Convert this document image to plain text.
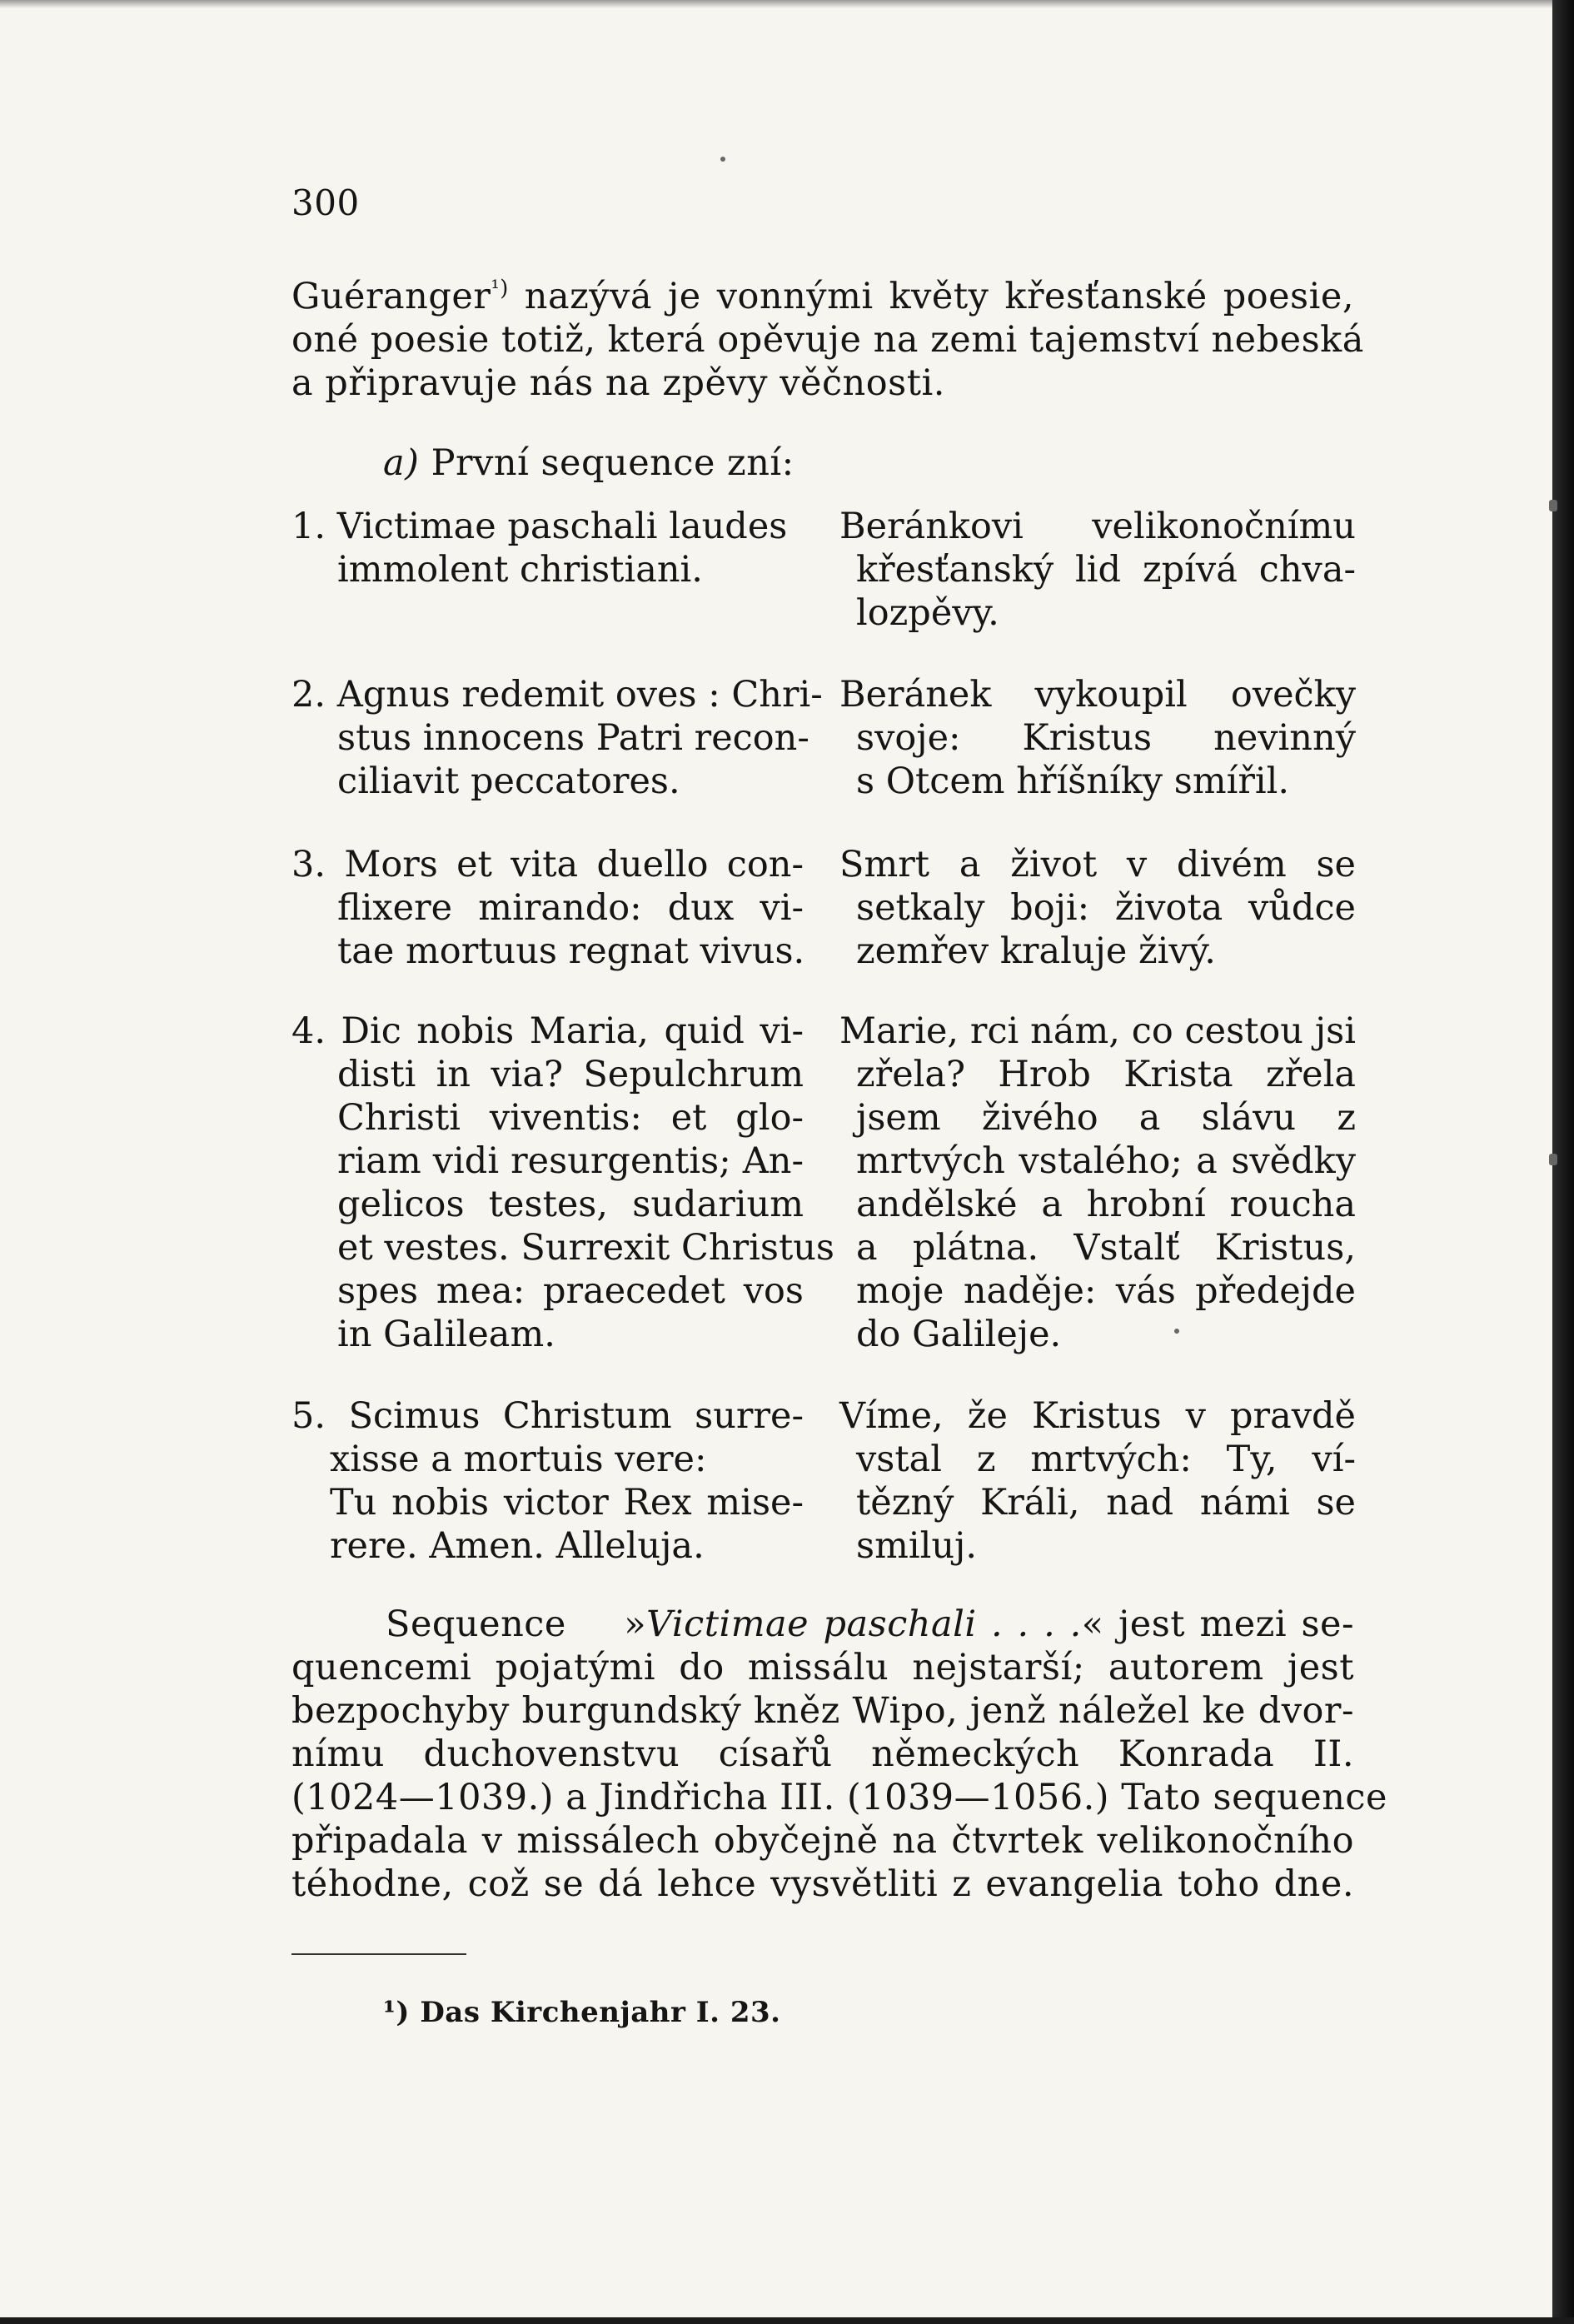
300
Guéranger$^{^1)}$ nazývá je vonnými květy křesťanské poesie,
oné poesie totiž, která opěvuje na zemi tajemství nebeská
a připravuje nás na zpěvy věčnosti.
a) První sequence zní:
1. Victimae paschali laudes
immolent christiani.
Beránkovi velikonočnímu
křesťanský lid zpívá chva-
lozpěvy.
2. Agnus redemit oves : Chri-
stus innocens Patri recon-
ciliavit peccatores.
Beránek vykoupil ovečky
svoje: Kristus nevinný
s Otcem hříšníky smířil.
3. Mors et vita duello con-
flixere mirando: dux vi-
tae mortuus regnat vivus.
Smrt a život v divém se
setkaly boji: života vůdce
zemřev kraluje živý.
4. Dic nobis Maria, quid vi-
disti in via? Sepulchrum
Christi viventis: et glo-
riam vidi resurgentis; An-
gelicos testes, sudarium
et vestes. Surrexit Christus
spes mea: praecedet vos
in Galileam.
Marie, rci nám, co cestou jsi
zřela? Hrob Krista zřela
jsem živého a slávu z
mrtvých vstalého; a svědky
andělské a hrobní roucha
a plátna. Vstalť Kristus,
moje naděje: vás předejde
do Galileje.
5. Scimus Christum surre-
xisse a mortuis vere:
Tu nobis victor Rex mise-
rere. Amen. Alleluja.
Víme, že Kristus v pravdě
vstal z mrtvých: Ty, ví-
tězný Králi, nad námi se
smiluj.
Sequence »Victimae paschali . . . .« jest mezi se-
quencemi pojatými do missálu nejstarší; autorem jest
bezpochyby burgundský kněz Wipo, jenž náležel ke dvor-
nímu duchovenstvu císařů německých Konrada II.
(1024—1039.) a Jindřicha III. (1039—1056.) Tato sequence
připadala v missálech obyčejně na čtvrtek velikonočního
téhodne, což se dá lehce vysvětliti z evangelia toho dne.
¹) Das Kirchenjahr I. 23.
